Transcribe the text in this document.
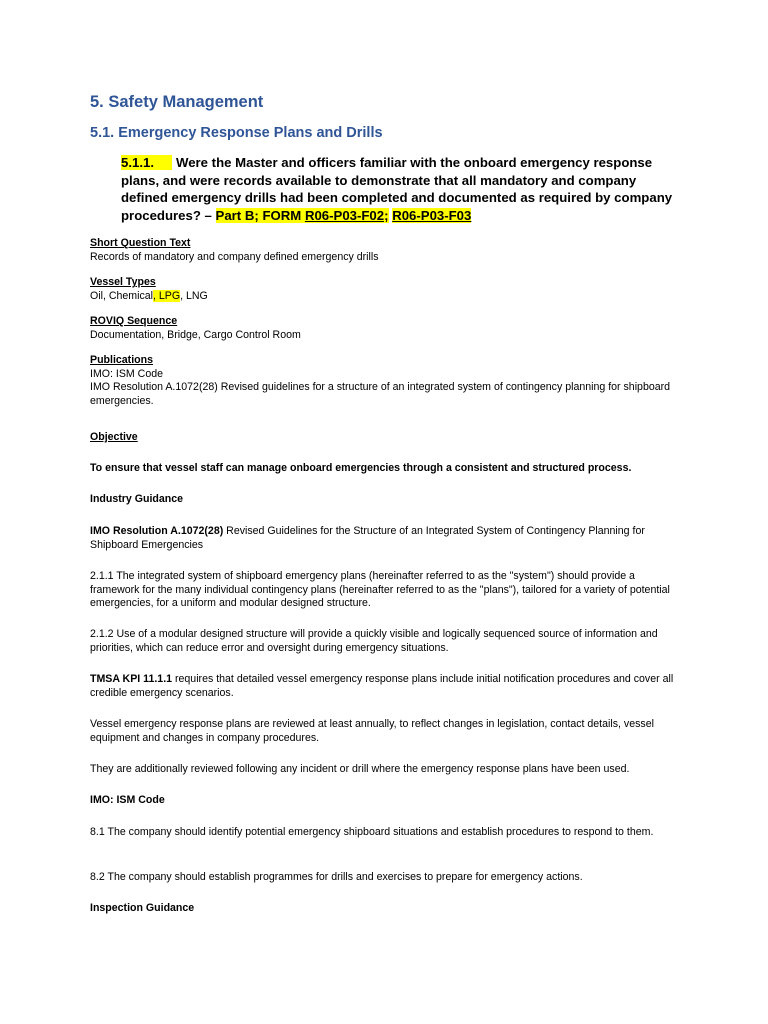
5. Safety Management
5.1. Emergency Response Plans and Drills
5.1.1. Were the Master and officers familiar with the onboard emergency response plans, and were records available to demonstrate that all mandatory and company defined emergency drills had been completed and documented as required by company procedures? – Part B; FORM R06-P03-F02; R06-P03-F03
Short Question Text
Records of mandatory and company defined emergency drills
Vessel Types
Oil, Chemical, LPG, LNG
ROVIQ Sequence
Documentation, Bridge, Cargo Control Room
Publications
IMO: ISM Code
IMO Resolution A.1072(28) Revised guidelines for a structure of an integrated system of contingency planning for shipboard emergencies.
Objective
To ensure that vessel staff can manage onboard emergencies through a consistent and structured process.
Industry Guidance
IMO Resolution A.1072(28) Revised Guidelines for the Structure of an Integrated System of Contingency Planning for Shipboard Emergencies
2.1.1 The integrated system of shipboard emergency plans (hereinafter referred to as the "system") should provide a framework for the many individual contingency plans (hereinafter referred to as the "plans"), tailored for a variety of potential emergencies, for a uniform and modular designed structure.
2.1.2 Use of a modular designed structure will provide a quickly visible and logically sequenced source of information and priorities, which can reduce error and oversight during emergency situations.
TMSA KPI 11.1.1 requires that detailed vessel emergency response plans include initial notification procedures and cover all credible emergency scenarios.
Vessel emergency response plans are reviewed at least annually, to reflect changes in legislation, contact details, vessel equipment and changes in company procedures.
They are additionally reviewed following any incident or drill where the emergency response plans have been used.
IMO: ISM Code
8.1 The company should identify potential emergency shipboard situations and establish procedures to respond to them.
8.2 The company should establish programmes for drills and exercises to prepare for emergency actions.
Inspection Guidance
